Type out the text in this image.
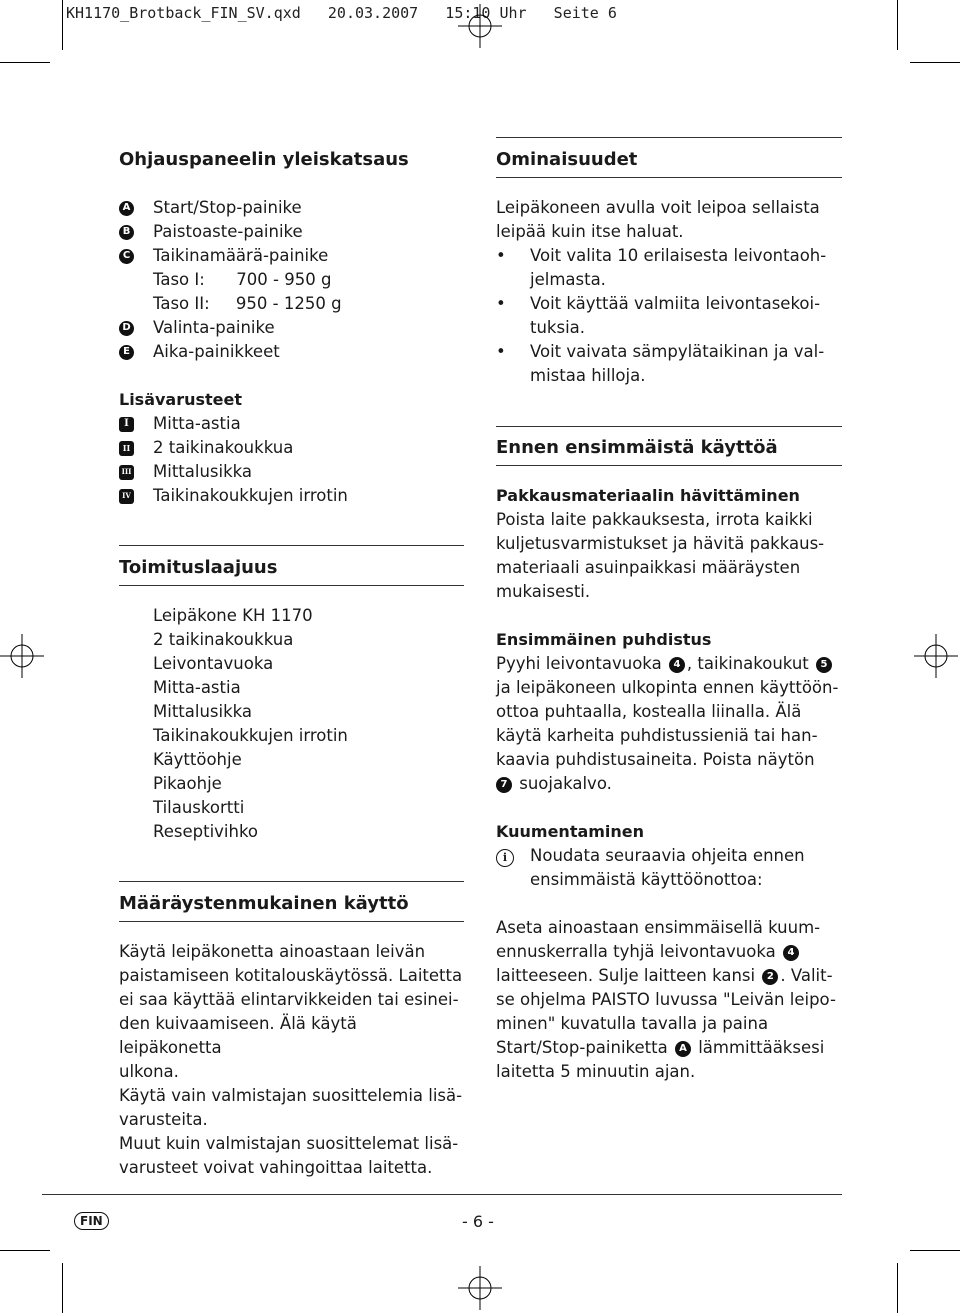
KH1170_Brotback_FIN_SV.qxd   20.03.2007   15:10 Uhr   Seite 6
Ohjauspaneelin yleiskatsaus
A Start/Stop-painike
B Paistoaste-painike
C Taikinamäärä-painike
Taso I:      700 - 950 g
Taso II:     950 - 1250 g
D Valinta-painike
E Aika-painikkeet
Lisävarusteet
I	Mitta-astia
II 2 taikinakoukkua
III Mittalusikka
IV Taikinakoukkujen irrotin
Toimituslaajuus
Leipäkone KH 1170
2 taikinakoukkua
Leivontavuoka
Mitta-astia
Mittalusikka
Taikinakoukkujen irrotin
Käyttöohje
Pikaohje
Tilauskortti
Reseptivihko
Määräystenmukainen käyttö
Käytä leipäkonetta ainoastaan leivän
paistamiseen kotitalouskäytössä. Laitetta
ei saa käyttää elintarvikkeiden tai esinei-
den kuivaamiseen. Älä käytä leipäkonetta
ulkona.
Käytä vain valmistajan suosittelemia lisä-
varusteita.
Muut kuin valmistajan suosittelemat lisä-
varusteet voivat vahingoittaa laitetta.
Ominaisuudet
Leipäkoneen avulla voit leipoa sellaista
leipää kuin itse haluat.
•	Voit valita 10 erilaisesta leivontaoh-
jelmasta.
•	Voit käyttää valmiita leivontasekoi-
tuksia.
•	Voit vaivata sämpylätaikinan ja val-
mistaa hilloja.
Ennen ensimmäistä käyttöä
Pakkausmateriaalin hävittäminen
Poista laite pakkauksesta, irrota kaikki
kuljetusvarmistukset ja hävitä pakkaus-
materiaali asuinpaikkasi määräysten
mukaisesti.
Ensimmäinen puhdistus
Pyyhi leivontavuoka 4 , taikinakoukut 5
ja leipäkoneen ulkopinta ennen käyttöön-
ottoa puhtaalla, kostealla liinalla. Älä
käytä karheita puhdistussieniä tai han-
kaavia puhdistusaineita. Poista näytön
7 suojakalvo.
Kuumentaminen
i	Noudata seuraavia ohjeita ennen
ensimmäistä käyttöönottoa:
Aseta ainoastaan ensimmäisellä kuum-
ennuskerralla tyhjä leivontavuoka 4
laitteeseen. Sulje laitteen kansi 2 . Valit-
se ohjelma PAISTO luvussa "Leivän leipo-
minen" kuvatulla tavalla ja paina
Start/Stop-painiketta A lämmittääksesi
laitetta 5 minuutin ajan.
FIN	- 6 -
